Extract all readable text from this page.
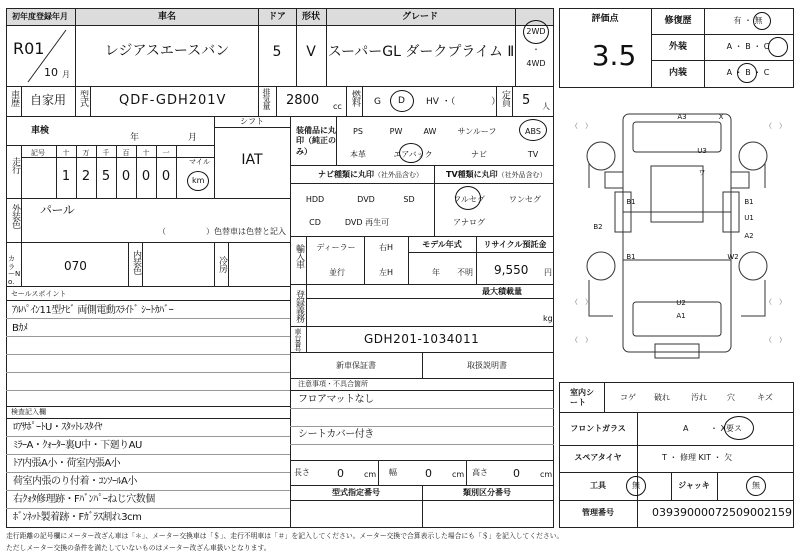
初年度登録年月
R01
10 月
車名
レジアスエースバン
ドア
5
形状
V
グレード
スーパーGL ダークプライム Ⅱ
2WD
・
4WD
車歴 自家用 型式 QDF-GDH201V	排気量 2800 cc
燃料 G D HV ・（　　　　） 定員 5 人
車検
年	月
シフト
IAT
走行
記号	十 万 千 百 十 一
1 2 5 0 0 0
マイル
km
外装色 パール
（　　　　　）色替車は色替と記入
カラーNo.
070	内装色	冷房
セールスポイント
ｱﾙﾊﾟｲﾝ11型ﾅﾋﾞ 両側電動ｽﾗｲﾄﾞ ｼｰﾄｶﾊﾞｰ
Bｶﾒ
検査記入欄
ﾛｱｻﾎﾟｰﾄU・ｽﾀｯﾄﾚｽﾀｲﾔ
ﾐﾗｰA・ｸｫｰﾀｰ裏U中・下廻りAU
ﾄｱ内張A小・荷室内張A小
荷室内張のり付着・ｺﾝｿｰﾙA小
右ｸｫﾀ修理跡・Fﾊﾞﾝﾊﾟｰねじ穴数個
ﾎﾞﾝﾈｯﾄ製着跡・Fｶﾞﾗｽ割れ3cm
装備品に丸印（純正のみ）
PS	PW	AW	サンルーフ	ABS
本革	エアバック	ナビ	TV
ナビ種類に丸印（社外品含む）	TV種類に丸印（社外品含む）
HDD	DVD	SD
CD	DVD 再生可
フルセグ	ワンセグ
アナログ
輸入車 ディーラー
並行
右H
左H
モデル年式
年 不明
リサイクル預託金
9,550 円
登録義務	最大積載量
kg
車台番号	GDH201-1034011
新車保証書	取扱説明書
注意事項・不具合箇所
フロアマットなし
シートカバー付き
長さ 0	cm 幅	0	cm 高さ 0	cm
型式指定番号	類別区分番号
評価点
3.5
修復歴	有 ・ 無
外装	A ・ B ・ C
内装	A ・ B ・ C
（　）	（　）
（　）	（　）
（　）	（　）
A3	X
U3
ワ
B1	B1
U1
B2
A2
B1	W2
U2
A1
室内シート
コゲ 破れ	汚れ	穴	キズ
フロントガラス	A	・ X要ス
スペアタイヤ	T ・ 修理 KIT ・ 欠
工具	無	ジャッキ	無
管理番号	03939000072509002159
走行距離の記号欄にメーター改ざん車は「＊」、メーター交換車は「＄」、走行不明車は「＃」を記入してください。メーター交換で合算表示した場合にも「＄」を記入してください。
ただしメーター交換の条件を満たしていないものはメーター改ざん車扱いとなります。
